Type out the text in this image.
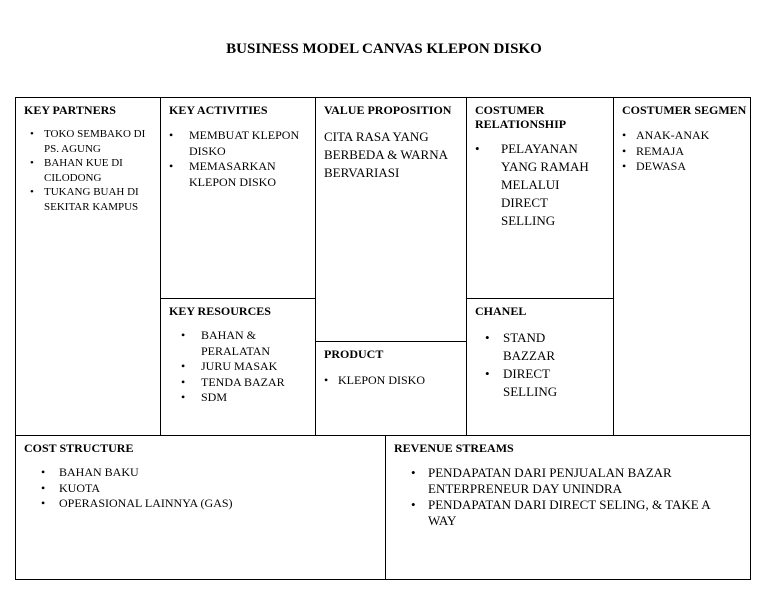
BUSINESS MODEL CANVAS KLEPON DISKO
KEY PARTNERS
• TOKO SEMBAKO DI PS. AGUNG
• BAHAN KUE DI CILODONG
• TUKANG BUAH DI SEKITAR KAMPUS
KEY ACTIVITIES
• MEMBUAT KLEPON DISKO
• MEMASARKAN KLEPON DISKO
KEY RESOURCES
• BAHAN & PERALATAN
• JURU MASAK
• TENDA BAZAR
• SDM
VALUE PROPOSITION
CITA RASA YANG BERBEDA & WARNA BERVARIASI
PRODUCT
• KLEPON DISKO
COSTUMER RELATIONSHIP
• PELAYANAN YANG RAMAH MELALUI DIRECT SELLING
CHANEL
• STAND BAZZAR
• DIRECT SELLING
COSTUMER SEGMEN
• ANAK-ANAK
• REMAJA
• DEWASA
COST STRUCTURE
• BAHAN BAKU
• KUOTA
• OPERASIONAL LAINNYA (GAS)
REVENUE STREAMS
• PENDAPATAN DARI PENJUALAN BAZAR ENTERPRENEUR DAY UNINDRA
• PENDAPATAN DARI DIRECT SELING, & TAKE A WAY
